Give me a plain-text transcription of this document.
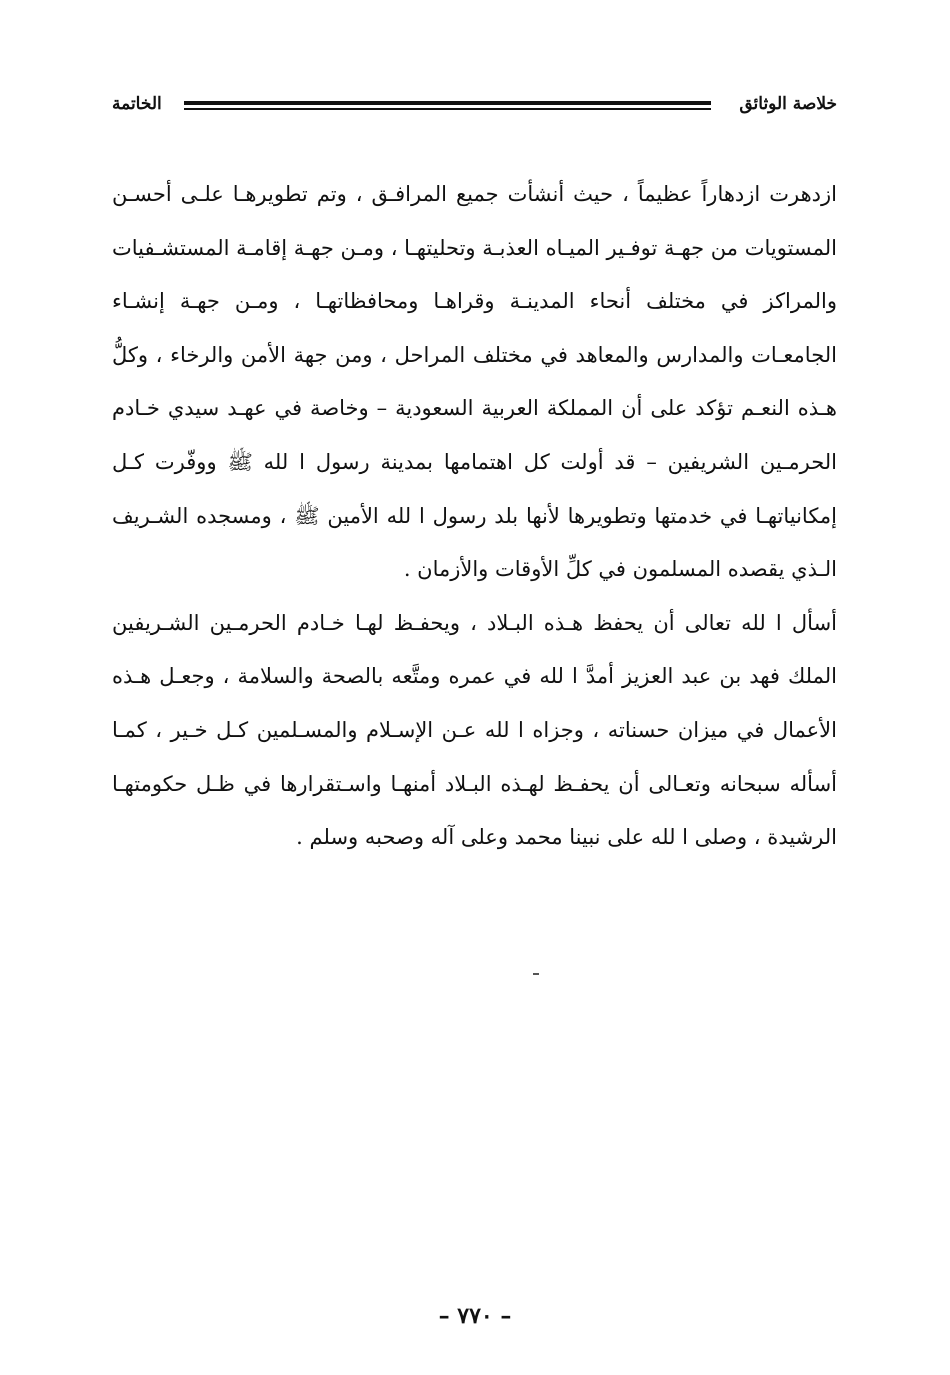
خلاصة الوثائق
الخاتمة

ازدهرت ازدهاراً عظيماً ، حيث أنشأت جميع المرافـق ، وتم تطويرهـا علـى أحسـن المستويات من جهـة توفـير الميـاه العذبـة وتحليتهـا ، ومـن جهـة إقامـة المستشـفيات والمراكز في مختلف أنحاء المدينـة وقراهـا ومحافظاتهـا ، ومـن جهـة إنشـاء الجامعـات والمدارس والمعاهد في مختلف المراحل ، ومن جهة الأمن والرخاء ، وكلُّ هـذه النعـم تؤكد على أن المملكة العربية السعودية – وخاصة في عهـد سيدي خـادم الحرمـين الشريفين – قد أولت كل اهتمامها بمدينة رسول ا لله ﷺ ووفّرت كـل إمكانياتهـا في خدمتها وتطويرها لأنها بلد رسول ا لله الأمين ﷺ ، ومسجده الشـريف الـذي يقصده المسلمون في كلِّ الأوقات والأزمان .

أسأل ا لله تعالى أن يحفظ هـذه البـلاد ، ويحفـظ لهـا خـادم الحرمـين الشـريفين الملك فهد بن عبد العزيز أمدَّ ا لله في عمره ومتَّعه بالصحة والسلامة ، وجعـل هـذه الأعمال في ميزان حسناته ، وجزاه ا لله عـن الإسـلام والمسـلمين كـل خـير ، كمـا أسأله سبحانه وتعـالى أن يحفـظ لهـذه البـلاد أمنهـا واسـتقرارها في ظـل حكومتهـا الرشيدة ، وصلى ا لله على نبينا محمد وعلى آله وصحبه وسلم .

– ٧٧٠ –
